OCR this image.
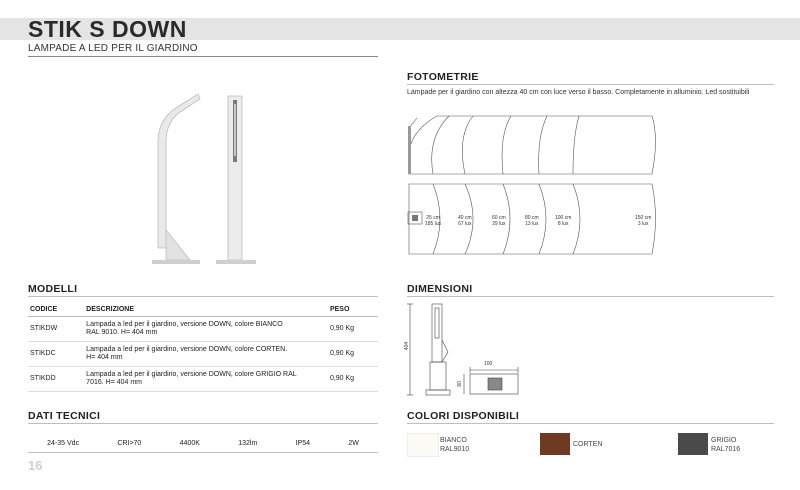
STIK S DOWN
LAMPADE A LED PER IL GIARDINO
FOTOMETRIE
Lampade per il giardino con altezza 40 cm con luce verso il basso. Completamente in alluminio. Led sostituibili
25 cm
185 lux
40 cm
67 lux
60 cm
29 lux
80 cm
13 lux
100 cm
8 lux
150 cm
3 lux
MODELLI
CODICE	DESCRIZIONE	PESO
STIKDW	Lampada a led per il giardino, versione DOWN, colore BIANCO RAL 9010. H= 404 mm	0,90 Kg
STIKDC	Lampada a led per il giardino, versione DOWN, colore CORTEN. H= 404 mm	0,90 Kg
STIKDD	Lampada a led per il giardino, versione DOWN, colore GRIGIO RAL 7016. H= 404 mm	0,90 Kg
DIMENSIONI
404
100
80
DATI TECNICI
24-35 Vdc	CRI>70	4400K	132lm	IP54	2W
COLORI DISPONIBILI
BIANCO
RAL9010
CORTEN
GRIGIO
RAL7016
16
